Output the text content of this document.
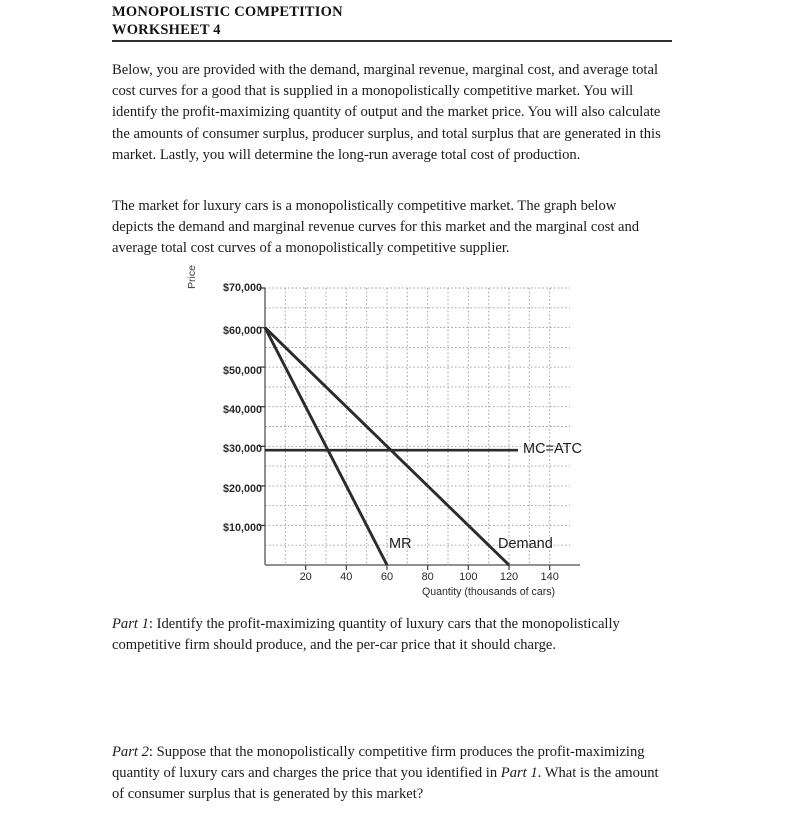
MONOPOLISTIC COMPETITION
WORKSHEET 4
Below, you are provided with the demand, marginal revenue, marginal cost, and average total cost curves for a good that is supplied in a monopolistically competitive market. You will identify the profit-maximizing quantity of output and the market price. You will also calculate the amounts of consumer surplus, producer surplus, and total surplus that are generated in this market. Lastly, you will determine the long-run average total cost of production.
The market for luxury cars is a monopolistically competitive market. The graph below depicts the demand and marginal revenue curves for this market and the marginal cost and average total cost curves of a monopolistically competitive supplier.
Price	$70,000
$60,000
$50,000
$40,000
$30,000
$20,000
$10,000
20	40	60	80 100 120 140
Quantity (thousands of cars)
MC=ATC
MR	Demand
Part 1: Identify the profit-maximizing quantity of luxury cars that the monopolistically competitive firm should produce, and the per-car price that it should charge.
Part 2: Suppose that the monopolistically competitive firm produces the profit-maximizing quantity of luxury cars and charges the price that you identified in Part 1. What is the amount of consumer surplus that is generated by this market?
